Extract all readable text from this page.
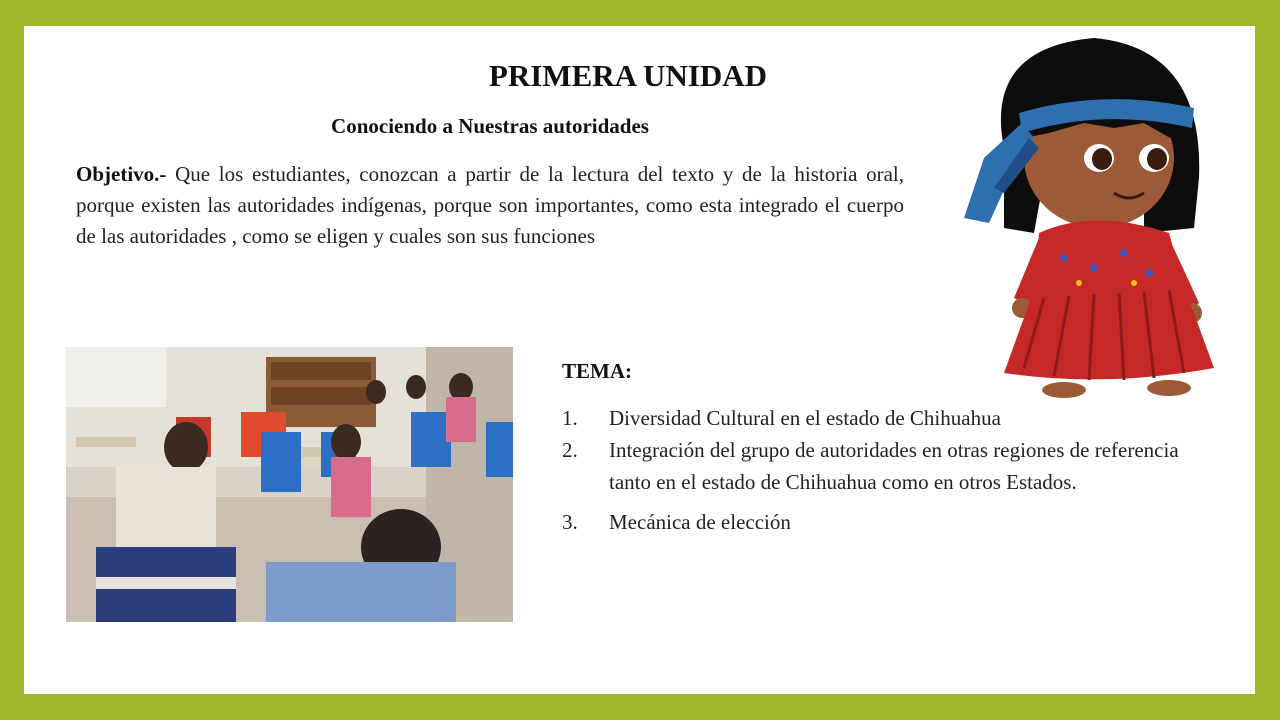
PRIMERA UNIDAD
Conociendo a Nuestras autoridades
Objetivo.- Que los estudiantes, conozcan a partir de la lectura del texto y de la historia oral, porque existen las autoridades indígenas, porque son importantes, como esta integrado el cuerpo de las autoridades , como se eligen y cuales son sus funciones
TEMA:
1. Diversidad Cultural en el estado de Chihuahua
2. Integración del grupo de autoridades en otras regiones de referencia tanto en el estado de Chihuahua como en otros Estados.
3. Mecánica de elección
